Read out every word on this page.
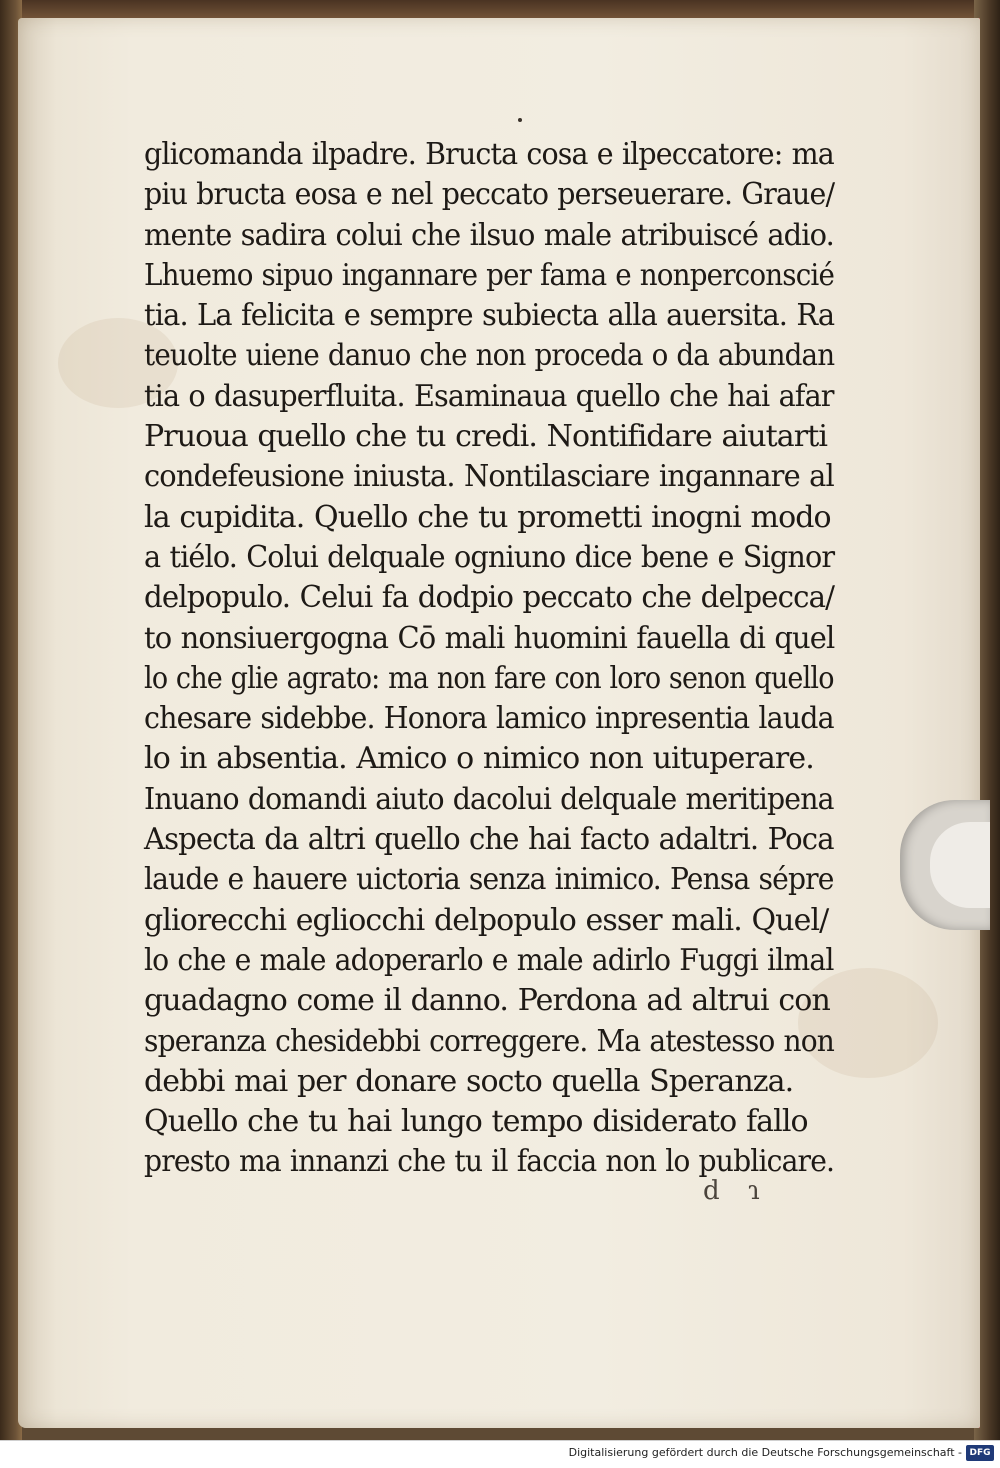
glicomanda ilpadre. Bructa cosa e ilpeccatore: ma
piu bructa eosa e nel peccato perseuerare. Graue/
mente sadira colui che ilsuo male atribuiscé adio.
Lhuemo sipuo ingannare per fama e nonperconscié
tia. La felicita e sempre subiecta alla auersita. Ra
teuolte uiene danuo che non proceda o da abundan
tia o dasuperfluita. Esaminaua quello che hai afar
Pruoua quello che tu credi. Nontifidare aiutarti
condefeusione iniusta. Nontilasciare ingannare al
la cupidita. Quello che tu prometti inogni modo
a tiélo. Colui delquale ogniuno dice bene e Signor
delpopulo. Celui fa dodpio peccato che delpecca/
to nonsiuergogna Cō mali huomini fauella di quel
lo che glie agrato: ma non fare con loro senon quello
chesare sidebbe. Honora lamico inpresentia lauda
lo in absentia. Amico o nimico non uituperare.
Inuano domandi aiuto dacolui delquale meritipena
Aspecta da altri quello che hai facto adaltri. Poca
laude e hauere uictoria senza inimico. Pensa sépre
gliorecchi egliocchi delpopulo esser mali. Quel/
lo che e male adoperarlo e male adirlo Fuggi ilmal
guadagno come il danno. Perdona ad altrui con
speranza chesidebbi correggere. Ma atestesso non
debbi mai per donare socto quella Speranza.
Quello che tu hai lungo tempo disiderato fallo
presto ma innanzi che tu il faccia non lo publicare.
d ɿ
Digitalisierung gefördert durch die Deutsche Forschungsgemeinschaft - DFG
